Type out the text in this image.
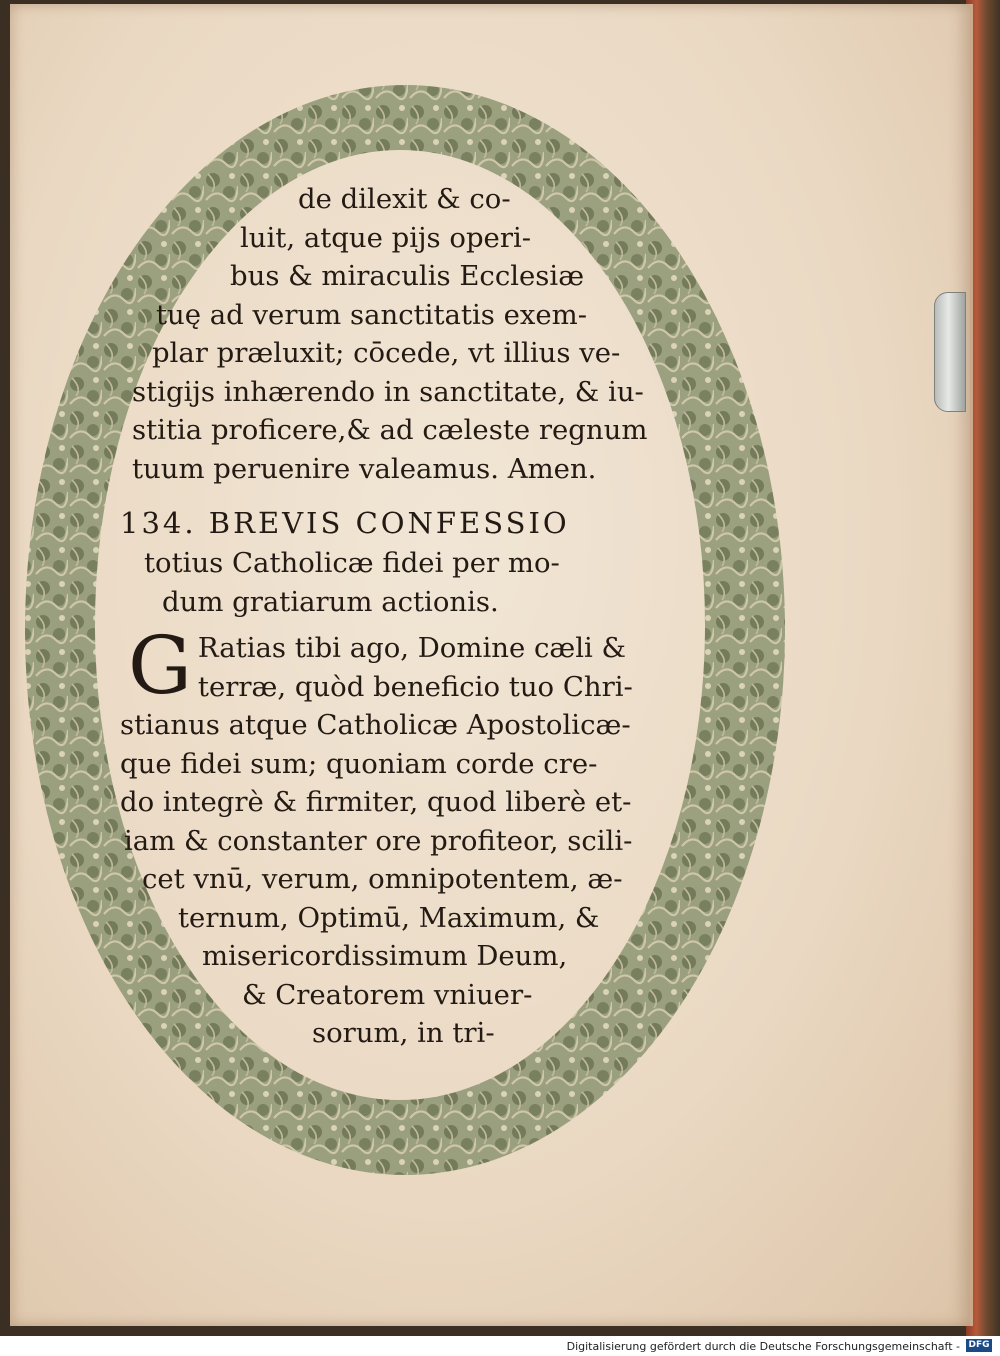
de dilexit & co-
luit, atque pijs operi-
bus & miraculis Ecclesiæ
tuę ad verum sanctitatis exem-
plar præluxit; cōcede, vt illius ve-
stigijs inhærendo in sanctitate, & iu-
stitia proficere,& ad cæleste regnum
tuum peruenire valeamus. Amen.
134. BREVIS CONFESSIO
totius Catholicæ fidei per mo-
dum gratiarum actionis.
G Ratias tibi ago, Domine cæli &
terræ, quòd beneficio tuo Chri-
stianus atque Catholicæ Apostolicæ-
que fidei sum; quoniam corde cre-
do integrè & firmiter, quod liberè et-
iam & constanter ore profiteor, scili-
cet vnū, verum, omnipotentem, æ-
ternum, Optimū, Maximum, &
misericordissimum Deum,
& Creatorem vniuer-
sorum, in tri-
Digitalisierung gefördert durch die Deutsche Forschungsgemeinschaft - DFG
